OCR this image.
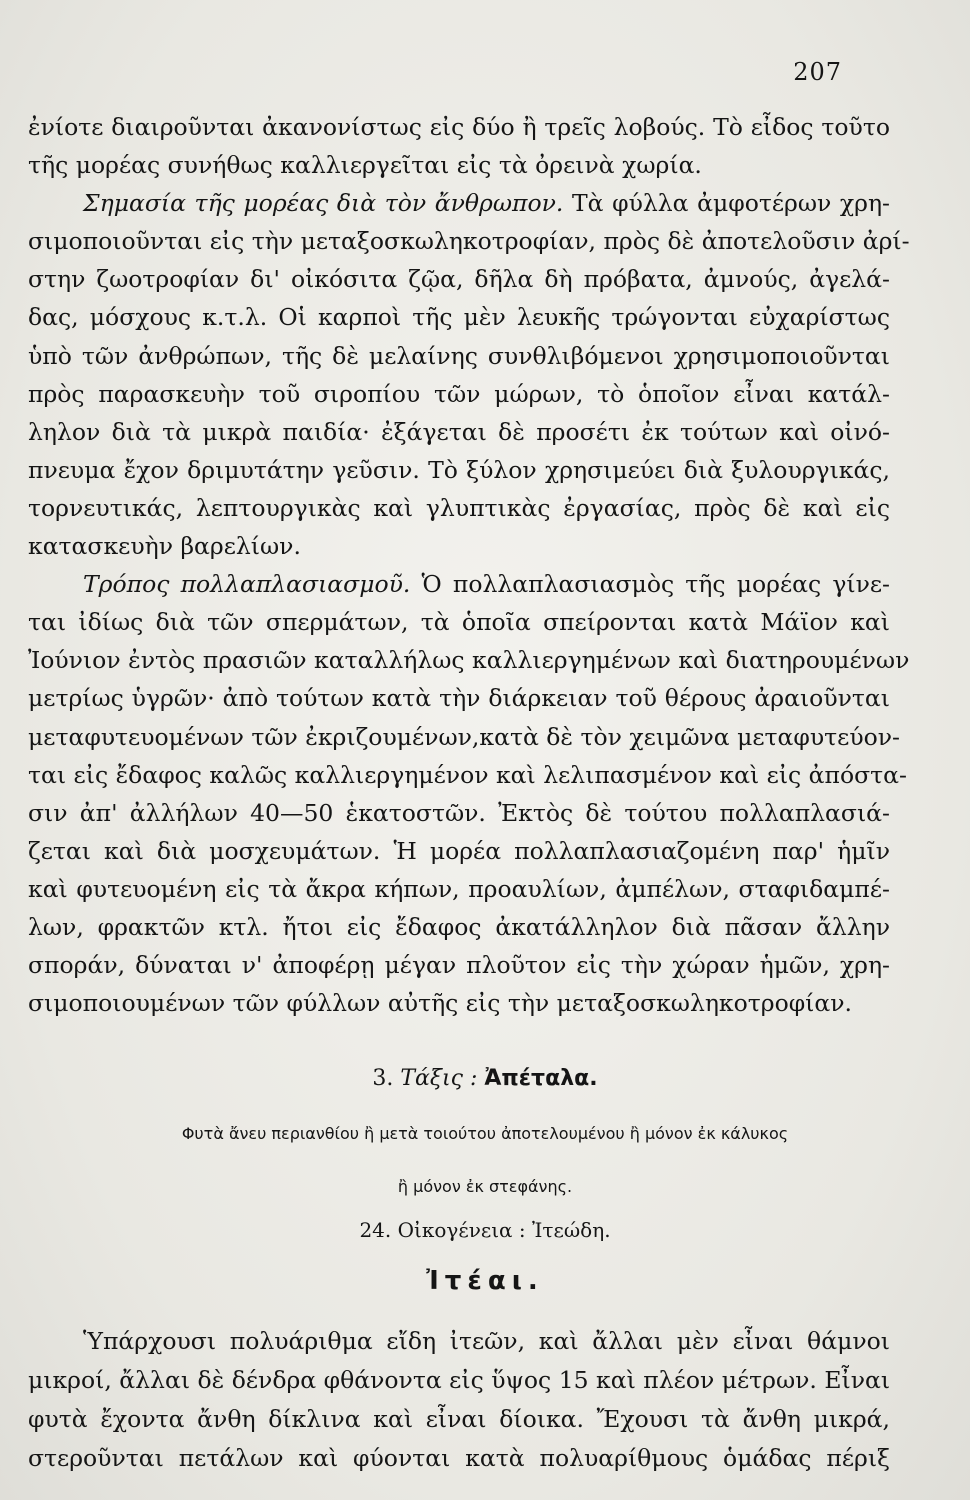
207
ἐνίοτε διαιροῦνται ἀκανονίστως εἰς δύο ἢ τρεῖς λοβούς. Τὸ εἶδος τοῦτο
τῆς μορέας συνήθως καλλιεργεῖται εἰς τὰ ὀρεινὰ χωρία.
Σημασία τῆς μορέας διὰ τὸν ἄνθρωπον. Τὰ φύλλα ἀμφοτέρων χρη-
σιμοποιοῦνται εἰς τὴν μεταξοσκωληκοτροφίαν, πρὸς δὲ ἀποτελοῦσιν ἀρί-
στην ζωοτροφίαν δι' οἰκόσιτα ζῷα, δῆλα δὴ πρόβατα, ἀμνούς, ἀγελά-
δας, μόσχους κ.τ.λ. Οἱ καρποὶ τῆς μὲν λευκῆς τρώγονται εὐχαρίστως
ὑπὸ τῶν ἀνθρώπων, τῆς δὲ μελαίνης συνθλιβόμενοι χρησιμοποιοῦνται
πρὸς παρασκευὴν τοῦ σιροπίου τῶν μώρων, τὸ ὁποῖον εἶναι κατάλ-
ληλον διὰ τὰ μικρὰ παιδία· ἐξάγεται δὲ προσέτι ἐκ τούτων καὶ οἰνό-
πνευμα ἔχον δριμυτάτην γεῦσιν. Τὸ ξύλον χρησιμεύει διὰ ξυλουργικάς,
τορνευτικάς, λεπτουργικὰς καὶ γλυπτικὰς ἐργασίας, πρὸς δὲ καὶ εἰς
κατασκευὴν βαρελίων.
Τρόπος πολλαπλασιασμοῦ. Ὁ πολλαπλασιασμὸς τῆς μορέας γίνε-
ται ἰδίως διὰ τῶν σπερμάτων, τὰ ὁποῖα σπείρονται κατὰ Μάϊον καὶ
Ἰούνιον ἐντὸς πρασιῶν καταλλήλως καλλιεργημένων καὶ διατηρουμένων
μετρίως ὑγρῶν· ἀπὸ τούτων κατὰ τὴν διάρκειαν τοῦ θέρους ἀραιοῦνται
μεταφυτευομένων τῶν ἐκριζουμένων,κατὰ δὲ τὸν χειμῶνα μεταφυτεύον-
ται εἰς ἔδαφος καλῶς καλλιεργημένον καὶ λελιπασμένον καὶ εἰς ἀπόστα-
σιν ἀπ' ἀλλήλων 40—50 ἑκατοστῶν. Ἐκτὸς δὲ τούτου πολλαπλασιά-
ζεται καὶ διὰ μοσχευμάτων. Ἡ μορέα πολλαπλασιαζομένη παρ' ἡμῖν
καὶ φυτευομένη εἰς τὰ ἄκρα κήπων, προαυλίων, ἀμπέλων, σταφιδαμπέ-
λων, φρακτῶν κτλ. ἤτοι εἰς ἔδαφος ἀκατάλληλον διὰ πᾶσαν ἄλλην
σποράν, δύναται ν' ἀποφέρῃ μέγαν πλοῦτον εἰς τὴν χώραν ἡμῶν, χρη-
σιμοποιουμένων τῶν φύλλων αὐτῆς εἰς τὴν μεταξοσκωληκοτροφίαν.
3. Τάξις : Ἀπέταλα.
Φυτὰ ἄνευ περιανθίου ἢ μετὰ τοιούτου ἀποτελουμένου ἢ μόνον ἐκ κάλυκος
ἢ μόνον ἐκ στεφάνης.
24. Οἰκογένεια : Ἰτεώδη.
Ἰτέαι.
Ὑπάρχουσι πολυάριθμα εἴδη ἰτεῶν, καὶ ἄλλαι μὲν εἶναι θάμνοι
μικροί, ἄλλαι δὲ δένδρα φθάνοντα εἰς ὕψος 15 καὶ πλέον μέτρων. Εἶναι
φυτὰ ἔχοντα ἄνθη δίκλινα καὶ εἶναι δίοικα. Ἔχουσι τὰ ἄνθη μικρά,
στεροῦνται πετάλων καὶ φύονται κατὰ πολυαρίθμους ὁμάδας πέριξ
